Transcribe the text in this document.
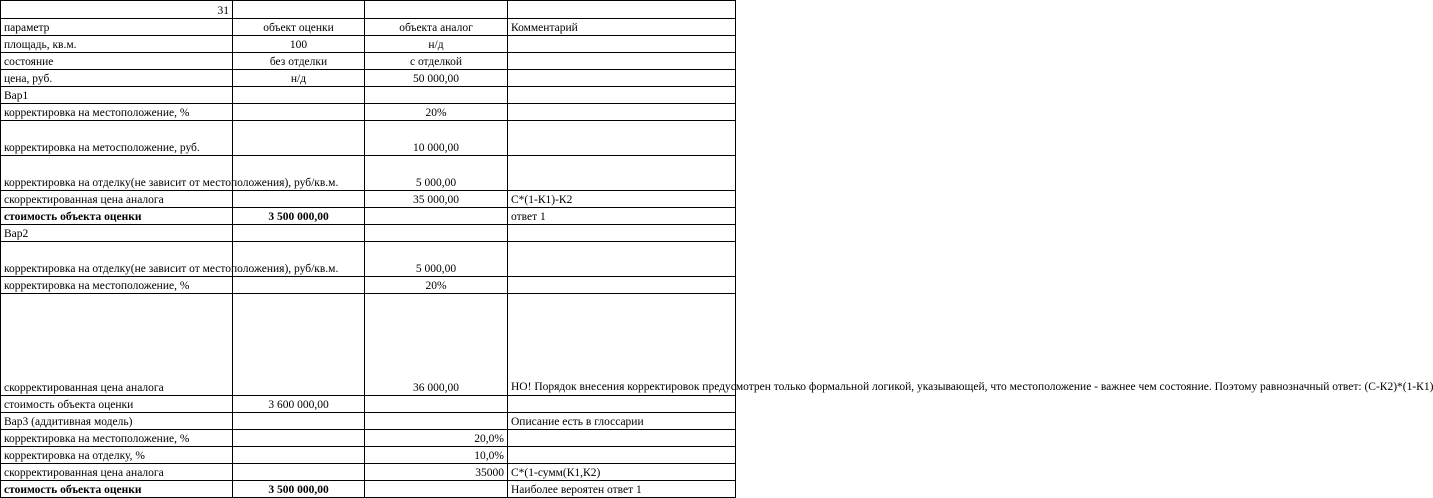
31			
параметр	объект оценки	объекта аналог	Комментарий
площадь, кв.м.	100	н/д	
состояние	без отделки	с отделкой	
цена, руб.	н/д	50 000,00	
Вар1			
корректировка на местоположение, %		20%	
корректировка на метосположение, руб.		10 000,00	
корректировка на отделку(не зависит от местоположения), руб/кв.м.		5 000,00	
скорректированная цена аналога		35 000,00	С*(1-К1)-К2
стоимость объекта оценки	3 500 000,00		ответ 1
Вар2			
корректировка на отделку(не зависит от местоположения), руб/кв.м.		5 000,00	
корректировка на местоположение, %		20%	
скорректированная цена аналога		36 000,00	НО! Порядок внесения корректировок предусмотрен только формальной логикой, указывающей, что местоположение - важнее чем состояние. Поэтому равнозначный ответ: (С-К2)*(1-К1)
стоимость объекта оценки	3 600 000,00		
Вар3 (аддитивная модель)			Описание есть в глоссарии
корректировка на местоположение, %		20,0%	
корректировка на отделку, %		10,0%	
скорректированная цена аналога		35000	С*(1-сумм(К1,К2)
стоимость объекта оценки	3 500 000,00		Наиболее вероятен ответ 1
